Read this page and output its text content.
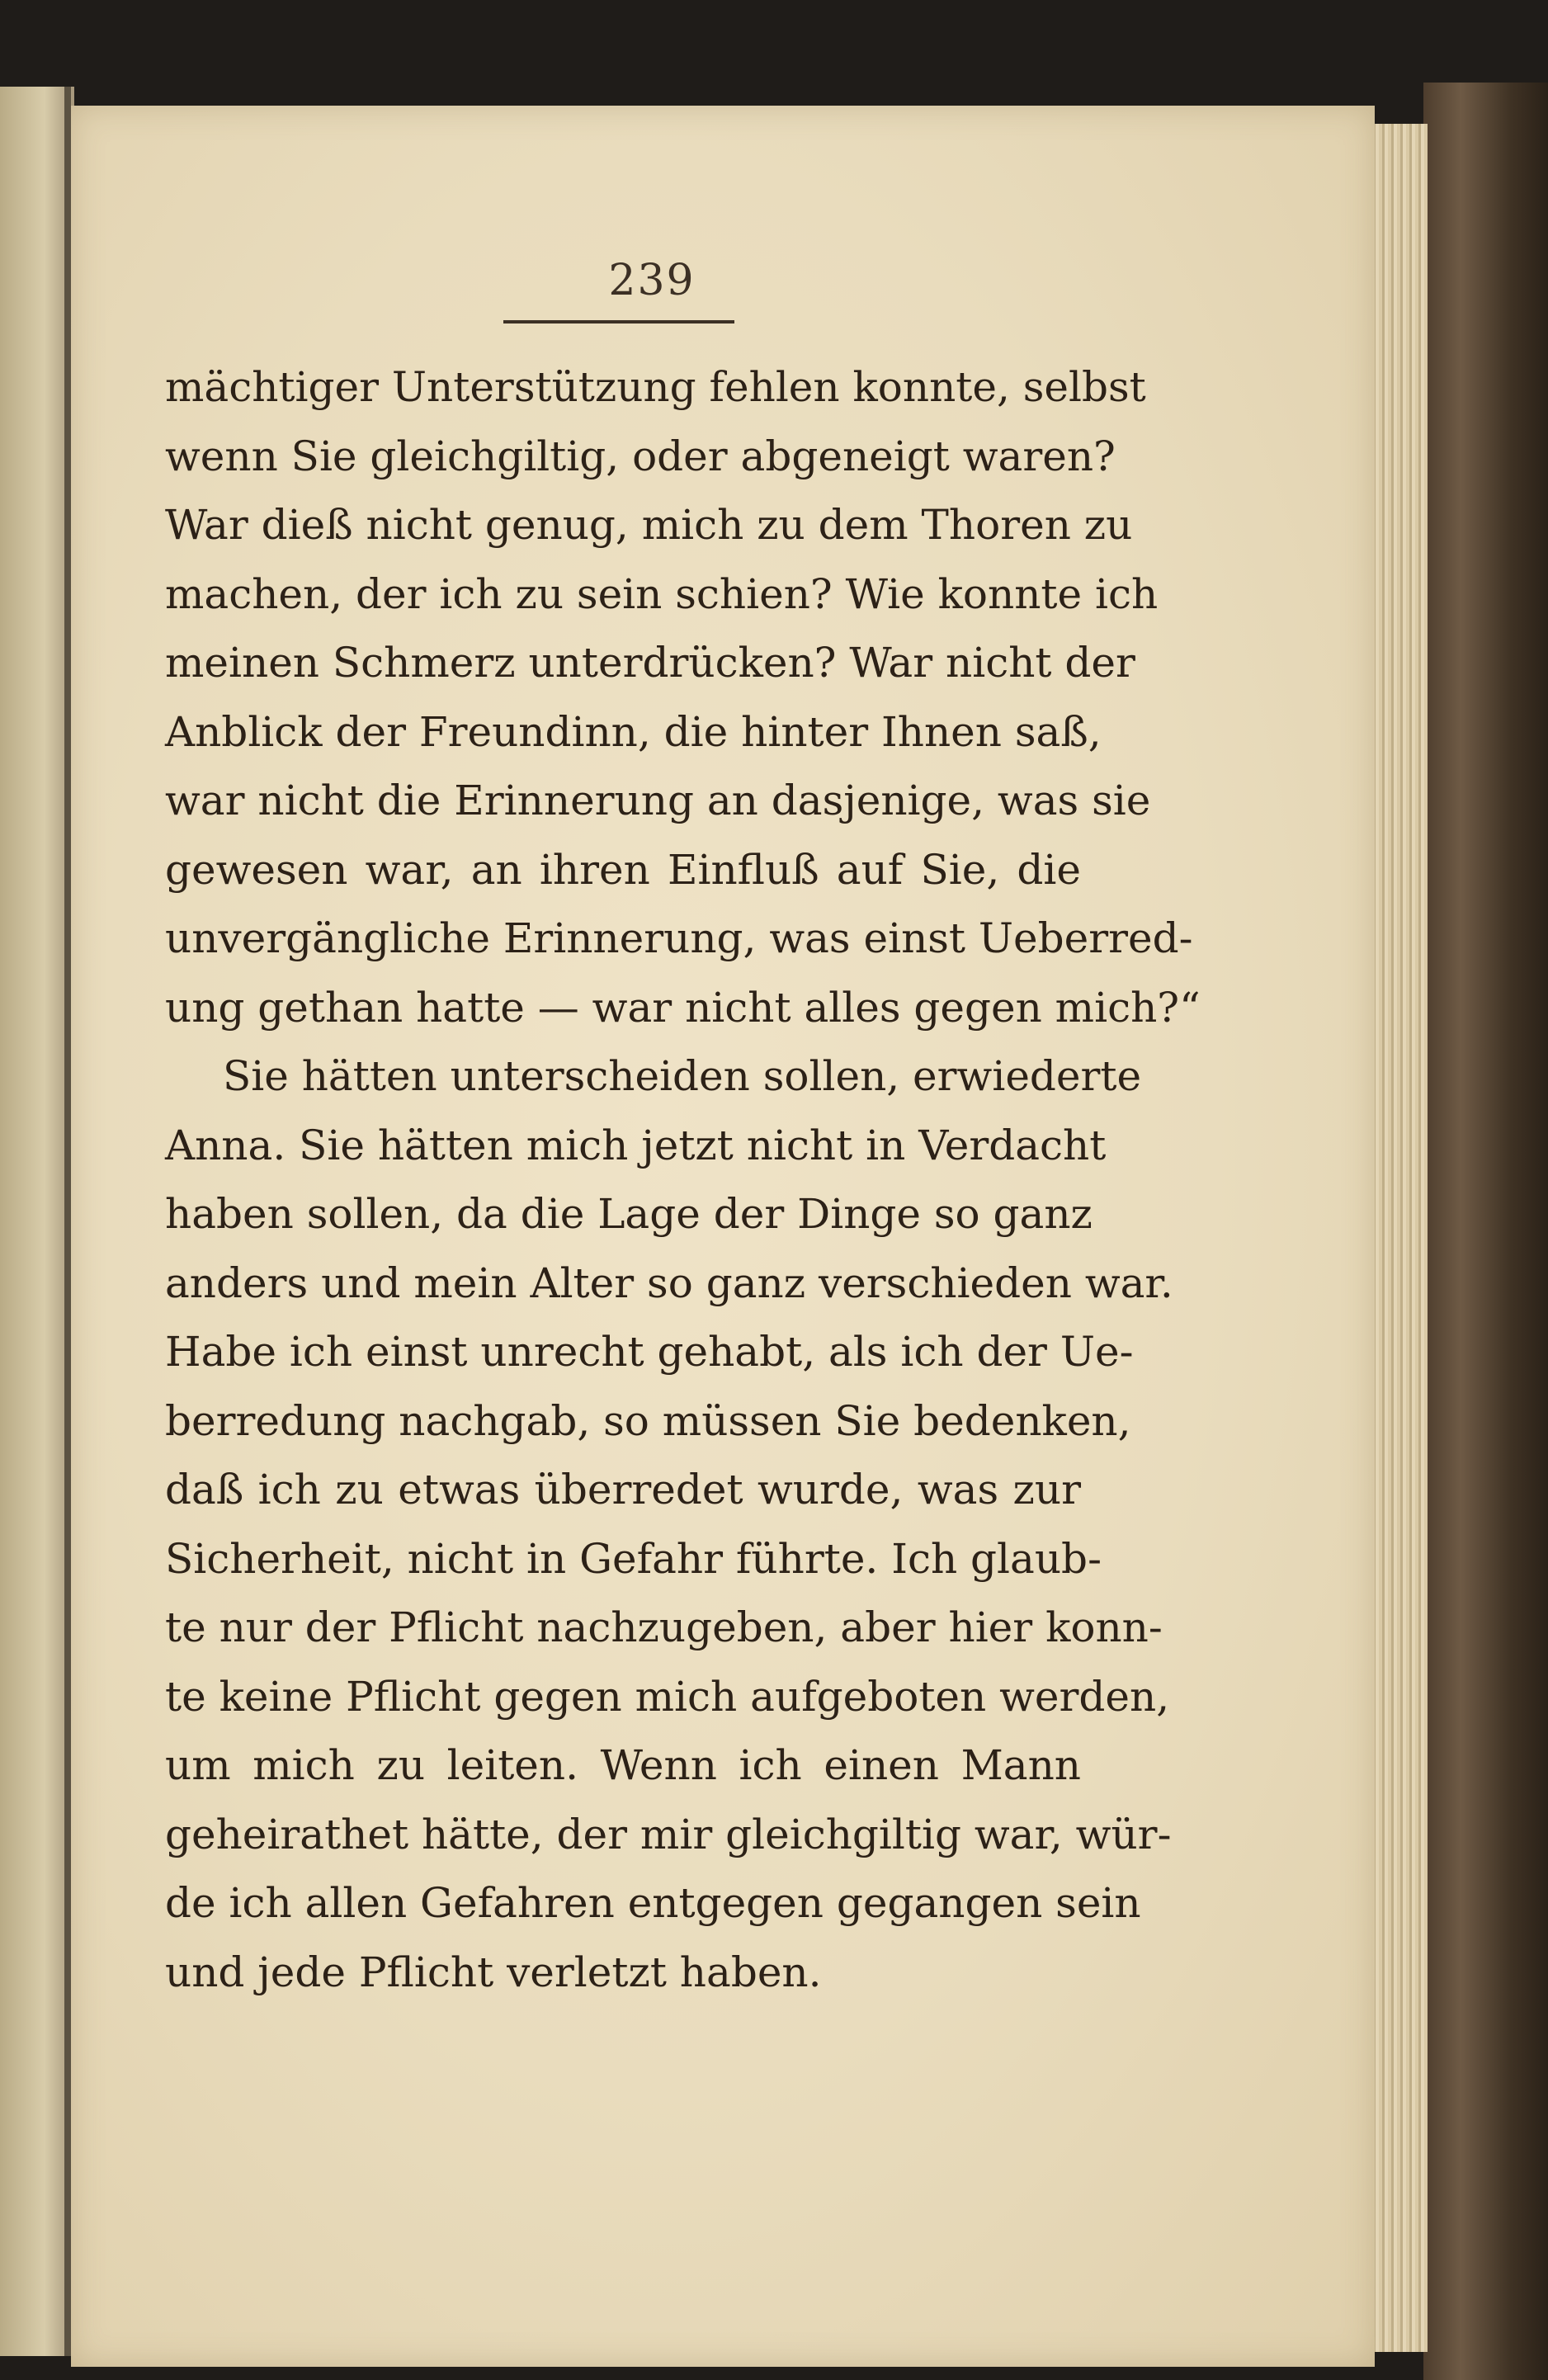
239
mächtiger Unterstützung fehlen konnte, selbst
wenn Sie gleichgiltig, oder abgeneigt waren?
War dieß nicht genug, mich zu dem Thoren zu
machen, der ich zu sein schien? Wie konnte ich
meinen Schmerz unterdrücken? War nicht der
Anblick der Freundinn, die hinter Ihnen saß,
war nicht die Erinnerung an dasjenige, was sie
gewesen war, an ihren Einfluß auf Sie, die
unvergängliche Erinnerung, was einst Ueberred-
ung gethan hatte — war nicht alles gegen mich?“
Sie hätten unterscheiden sollen, erwiederte
Anna. Sie hätten mich jetzt nicht in Verdacht
haben sollen, da die Lage der Dinge so ganz
anders und mein Alter so ganz verschieden war.
Habe ich einst unrecht gehabt, als ich der Ue-
berredung nachgab, so müssen Sie bedenken,
daß ich zu etwas überredet wurde, was zur
Sicherheit, nicht in Gefahr führte. Ich glaub-
te nur der Pflicht nachzugeben, aber hier konn-
te keine Pflicht gegen mich aufgeboten werden,
um mich zu leiten. Wenn ich einen Mann
geheirathet hätte, der mir gleichgiltig war, wür-
de ich allen Gefahren entgegen gegangen sein
und jede Pflicht verletzt haben.
